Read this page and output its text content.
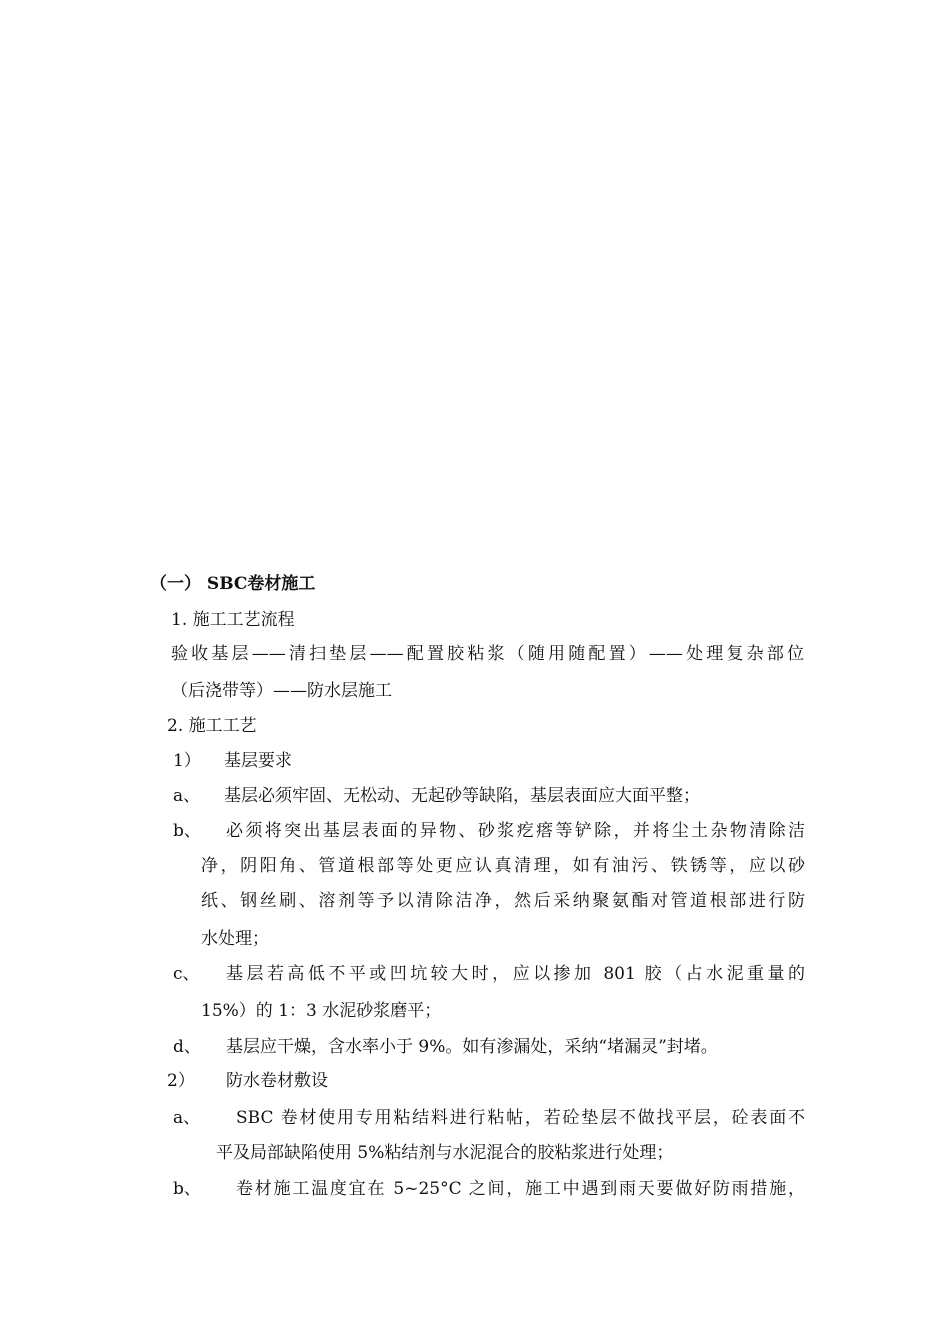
（一） SBC卷材施工
1. 施工工艺流程
验收基层——清扫垫层——配置胶粘浆（随用随配置）——处理复杂部位
（后浇带等）——防水层施工
2. 施工工艺
1） 基层要求
a、 基层必须牢固、无松动、无起砂等缺陷，基层表面应大面平整；
b、 必须将突出基层表面的异物、砂浆疙瘩等铲除，并将尘土杂物清除洁
净，阴阳角、管道根部等处更应认真清理，如有油污、铁锈等，应以砂
纸、钢丝刷、溶剂等予以清除洁净，然后采纳聚氨酯对管道根部进行防
水处理；
c、 基层若高低不平或凹坑较大时，应以掺加 801 胶（占水泥重量的
15%）的 1：3 水泥砂浆磨平；
d、 基层应干燥，含水率小于 9%。如有渗漏处，采纳“堵漏灵”封堵。
2） 防水卷材敷设
a、 SBC 卷材使用专用粘结料进行粘帖，若砼垫层不做找平层，砼表面不
平及局部缺陷使用 5%粘结剂与水泥混合的胶粘浆进行处理；
b、 卷材施工温度宜在 5~25°C 之间，施工中遇到雨天要做好防雨措施，
